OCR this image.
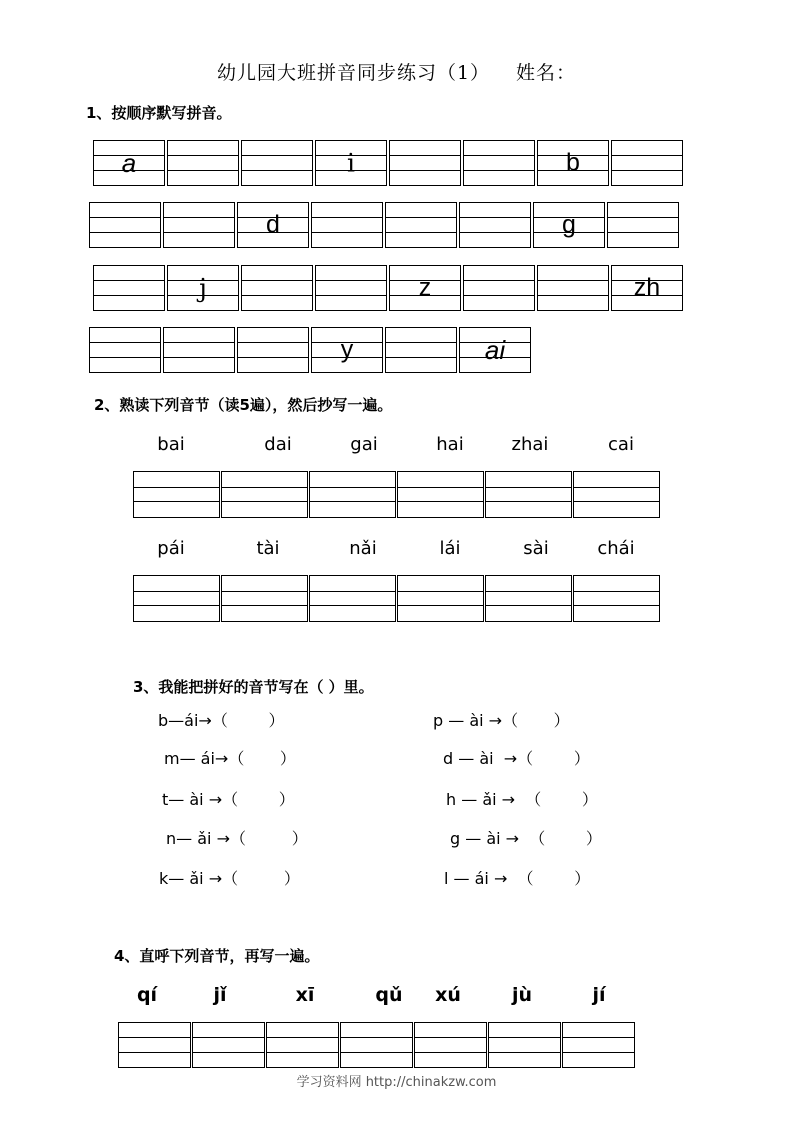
幼儿园大班拼音同步练习（1） 姓名：
1、按顺序默写拼音。
a	i	b
d	g
j	z	zh
y	ai
2、熟读下列音节（读5遍），然后抄写一遍。
bai	dai	gai	hai	zhai	cai
pái	tài	nǎi	lái	sài	chái
3、我能把拼好的音节写在（ ）里。
b—ái→（        ）
m— ái→（       ）
t— ài →（        ）
n— ǎi →（         ）
k— ǎi →（         ）
p — ài →（       ）
d — ài  →（        ）
h — ǎi →  （        ）
g — ài →  （        ）
l — ái →  （        ）
4、直呼下列音节，再写一遍。
qí	jǐ	xī	qǔ	xú	jù	jí
学习资料网 http://chinakzw.com
